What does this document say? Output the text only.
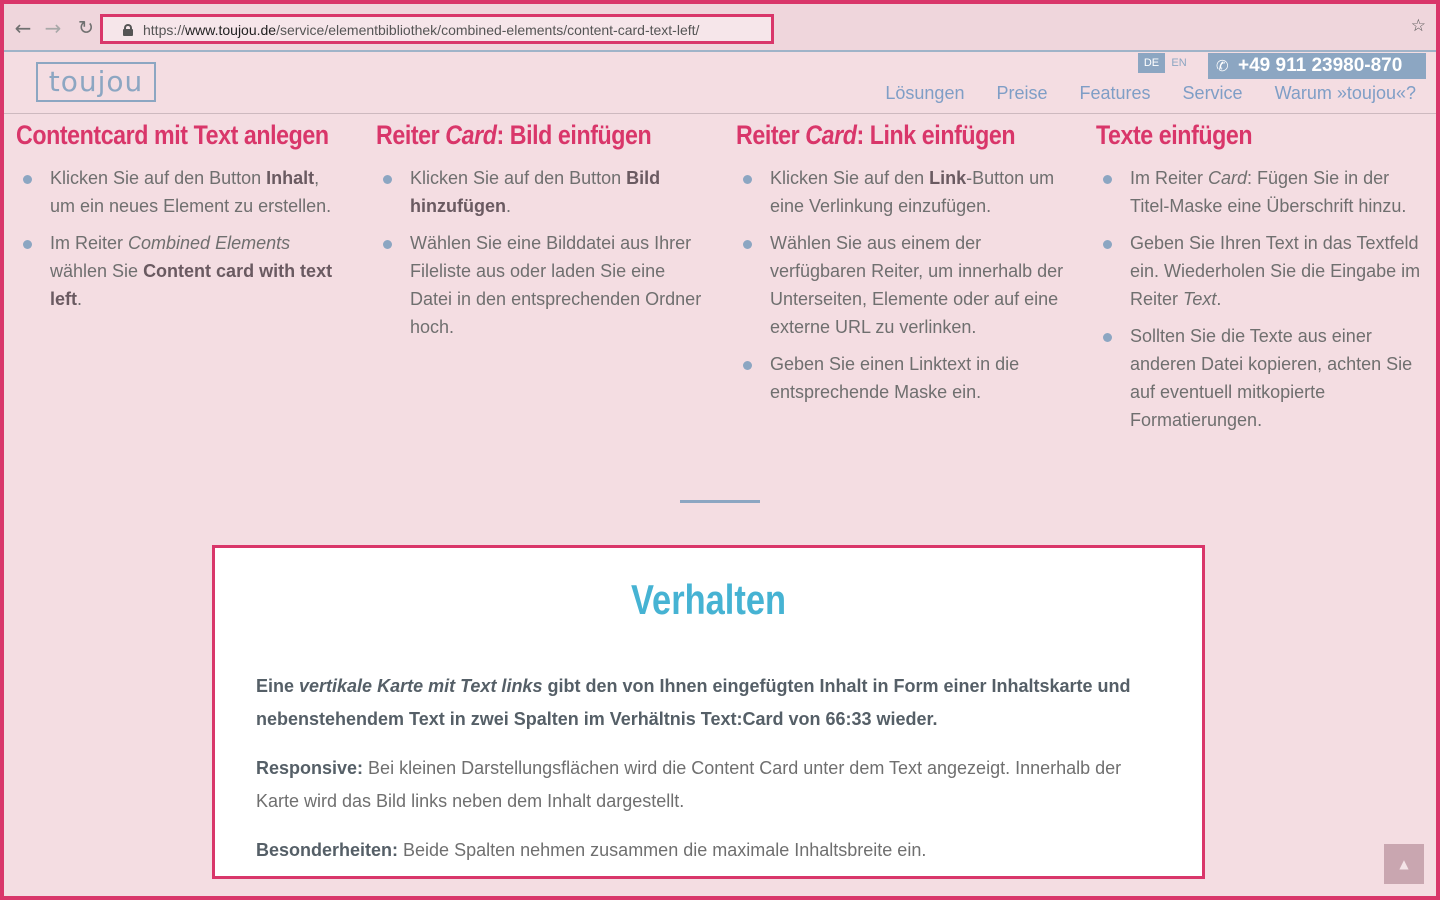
← → ↻	https://www.toujou.de/service/elementbibliothek/combined-elements/content-card-text-left/	☆
toujou
DE	EN	✆ +49 911 23980-870
Lösungen Preise Features Service Warum »toujou«?
Contentcard mit Text anlegen
Klicken Sie auf den Button Inhalt, um ein neues Element zu erstellen.
Im Reiter Combined Elements wählen Sie Content card with text left.
Reiter Card: Bild einfügen
Klicken Sie auf den Button Bild hinzufügen.
Wählen Sie eine Bilddatei aus Ihrer Fileliste aus oder laden Sie eine Datei in den entsprechenden Ordner hoch.
Reiter Card: Link einfügen
Klicken Sie auf den Link-Button um eine Verlinkung einzufügen.
Wählen Sie aus einem der verfügbaren Reiter, um innerhalb der Unterseiten, Elemente oder auf eine externe URL zu verlinken.
Geben Sie einen Linktext in die entsprechende Maske ein.
Texte einfügen
Im Reiter Card: Fügen Sie in der Titel-Maske eine Überschrift hinzu.
Geben Sie Ihren Text in das Textfeld ein. Wiederholen Sie die Eingabe im Reiter Text.
Sollten Sie die Texte aus einer anderen Datei kopieren, achten Sie auf eventuell mitkopierte Formatierungen.
Verhalten

Eine vertikale Karte mit Text links gibt den von Ihnen eingefügten Inhalt in Form einer Inhaltskarte und nebenstehendem Text in zwei Spalten im Verhältnis Text:Card von 66:33 wieder.

Responsive: Bei kleinen Darstellungsflächen wird die Content Card unter dem Text angezeigt. Innerhalb der Karte wird das Bild links neben dem Inhalt dargestellt.

Besonderheiten: Beide Spalten nehmen zusammen die maximale Inhaltsbreite ein.

▲
